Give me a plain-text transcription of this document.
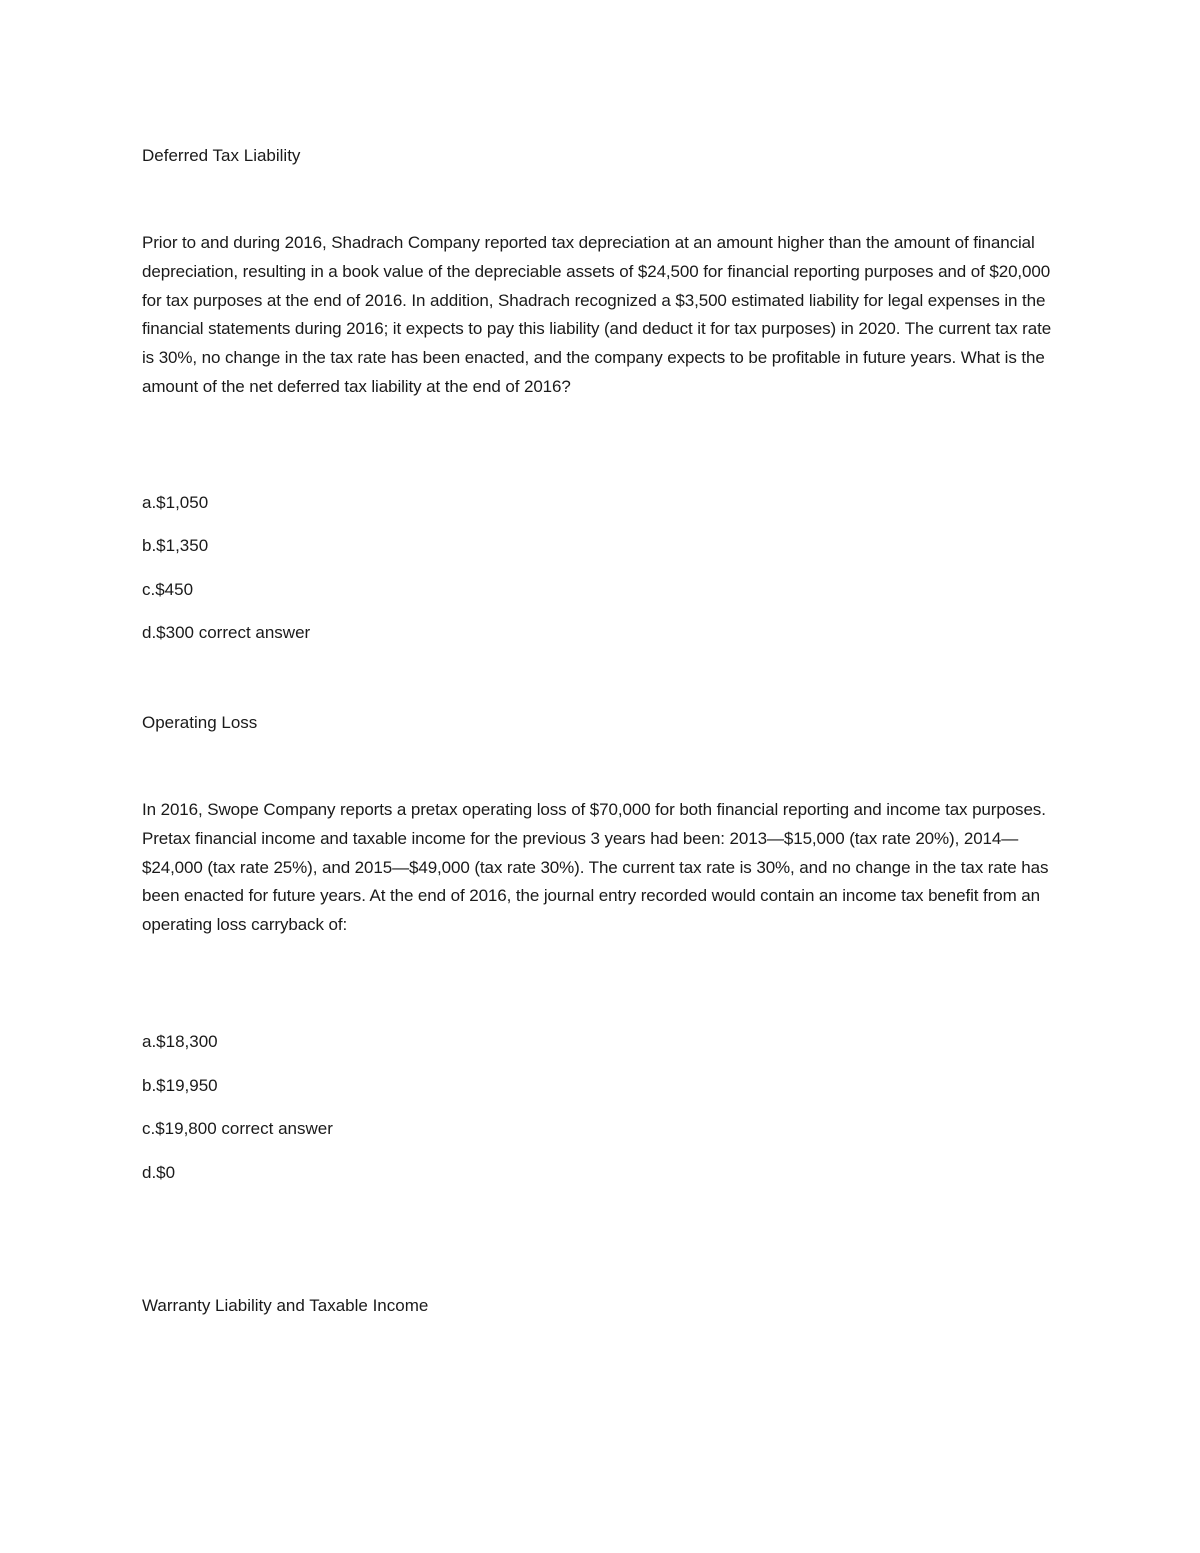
Deferred Tax Liability

Prior to and during 2016, Shadrach Company reported tax depreciation at an amount higher than the amount of financial depreciation, resulting in a book value of the depreciable assets of $24,500 for financial reporting purposes and of $20,000 for tax purposes at the end of 2016. In addition, Shadrach recognized a $3,500 estimated liability for legal expenses in the financial statements during 2016; it expects to pay this liability (and deduct it for tax purposes) in 2020. The current tax rate is 30%, no change in the tax rate has been enacted, and the company expects to be profitable in future years. What is the amount of the net deferred tax liability at the end of 2016?

a.$1,050

b.$1,350

c.$450

d.$300 correct answer

Operating Loss

In 2016, Swope Company reports a pretax operating loss of $70,000 for both financial reporting and income tax purposes. Pretax financial income and taxable income for the previous 3 years had been: 2013—$15,000 (tax rate 20%), 2014— $24,000 (tax rate 25%), and 2015—$49,000 (tax rate 30%). The current tax rate is 30%, and no change in the tax rate has been enacted for future years. At the end of 2016, the journal entry recorded would contain an income tax benefit from an operating loss carryback of:

a.$18,300

b.$19,950

c.$19,800 correct answer

d.$0

Warranty Liability and Taxable Income
